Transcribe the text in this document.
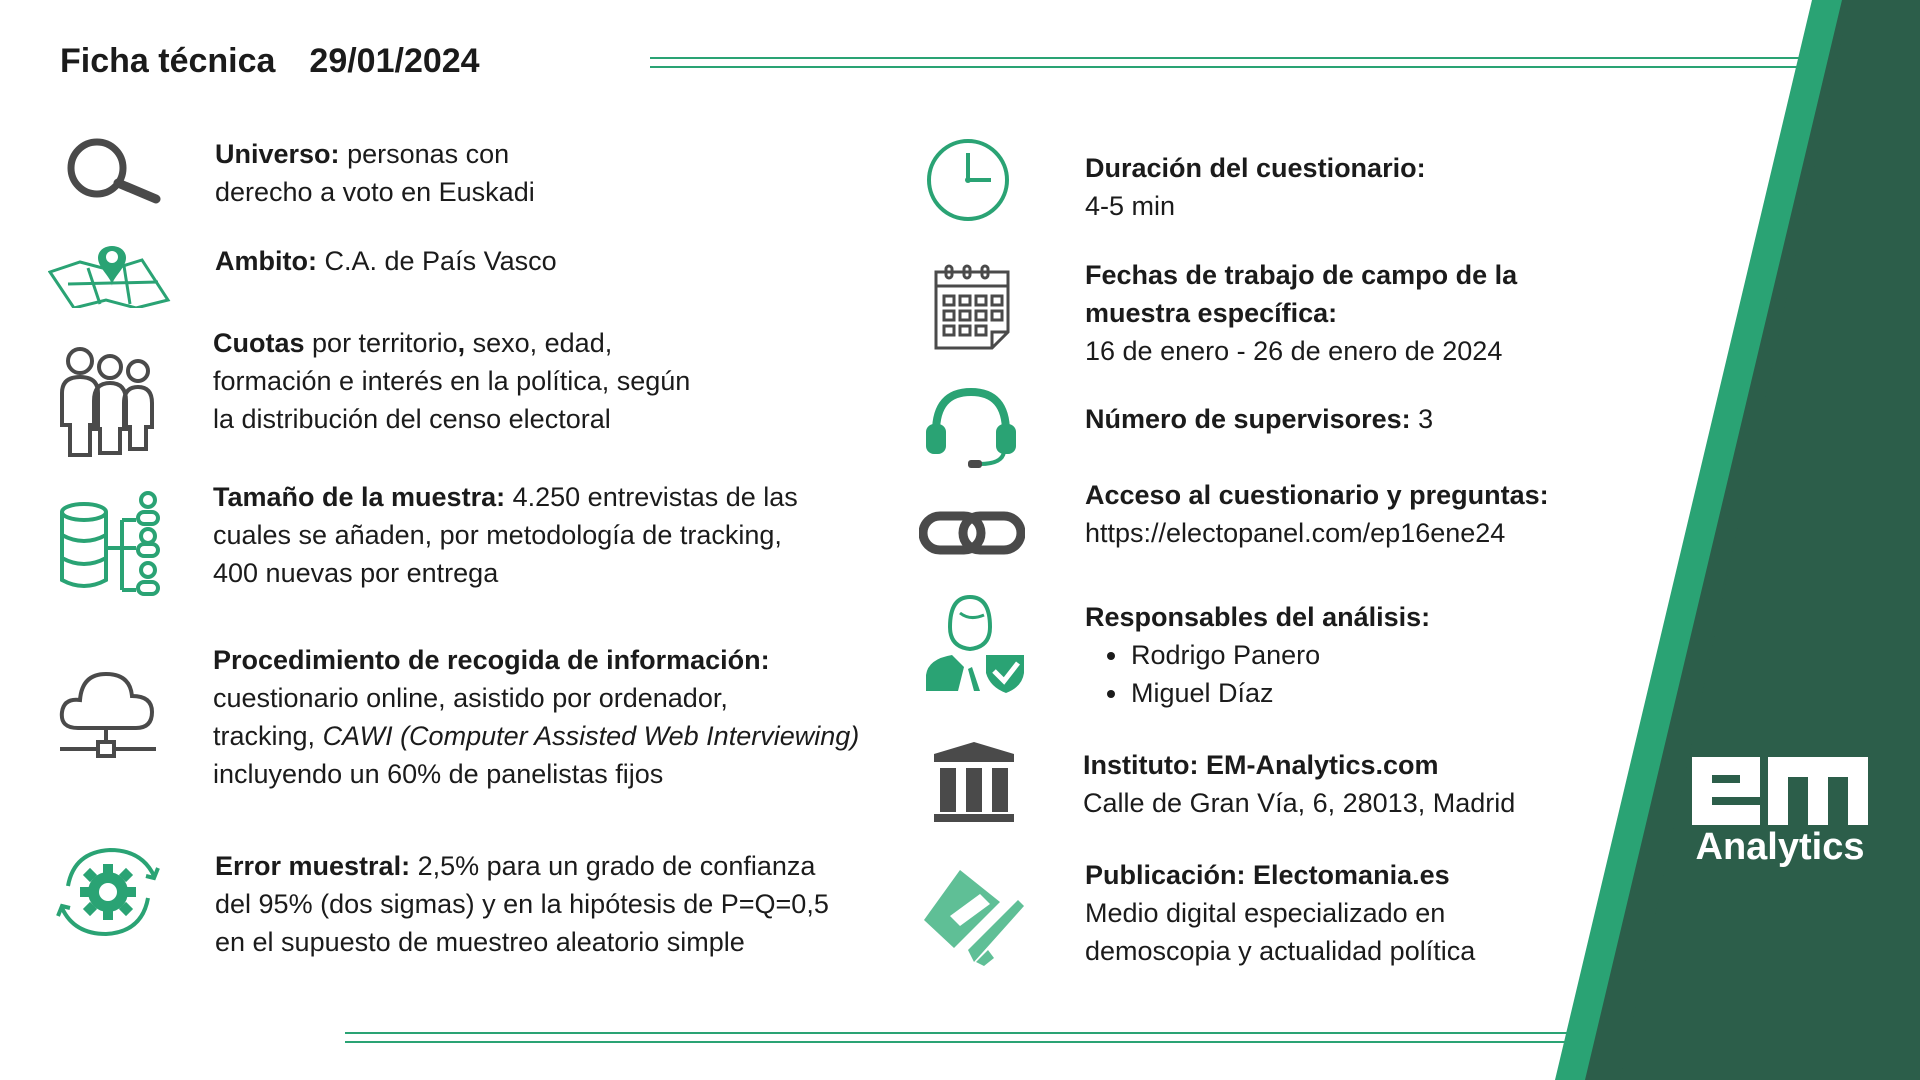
Ficha técnica 29/01/2024
Universo: personas con
derecho a voto en Euskadi
Ambito: C.A. de País Vasco
Cuotas por territorio, sexo, edad,
formación e interés en la política, según
la distribución del censo electoral
Tamaño de la muestra: 4.250 entrevistas de las
cuales se añaden, por metodología de tracking,
400 nuevas por entrega
Procedimiento de recogida de información:
cuestionario online, asistido por ordenador,
tracking, CAWI (Computer Assisted Web Interviewing)
incluyendo un 60% de panelistas fijos
Error muestral: 2,5% para un grado de confianza
del 95% (dos sigmas) y en la hipótesis de P=Q=0,5
en el supuesto de muestreo aleatorio simple
Duración del cuestionario:
4-5 min
Fechas de trabajo de campo de la
muestra específica:
16 de enero - 26 de enero de 2024
Número de supervisores: 3
Acceso al cuestionario y preguntas:
https://electopanel.com/ep16ene24
Responsables del análisis:
Rodrigo Panero
Miguel Díaz
Instituto: EM-Analytics.com
Calle de Gran Vía, 6, 28013, Madrid
Publicación: Electomania.es
Medio digital especializado en
demoscopia y actualidad política
Analytics
